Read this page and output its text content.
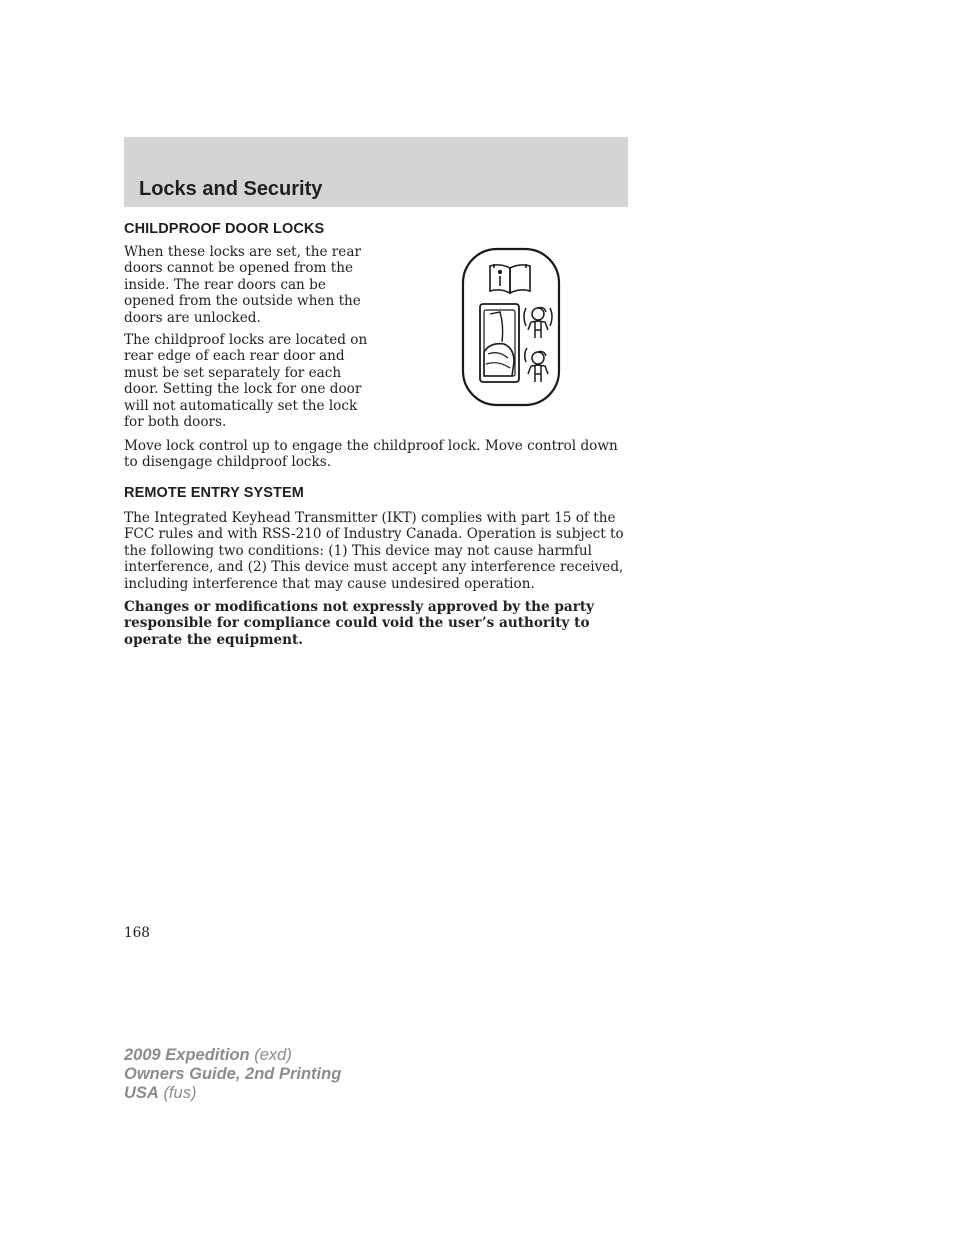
Locks and Security
CHILDPROOF DOOR LOCKS

When these locks are set, the rear doors cannot be opened from the inside. The rear doors can be opened from the outside when the doors are unlocked.

The childproof locks are located on rear edge of each rear door and must be set separately for each door. Setting the lock for one door will not automatically set the lock for both doors.

Move lock control up to engage the childproof lock. Move control down to disengage childproof locks.

REMOTE ENTRY SYSTEM

The Integrated Keyhead Transmitter (IKT) complies with part 15 of the FCC rules and with RSS-210 of Industry Canada. Operation is subject to the following two conditions: (1) This device may not cause harmful interference, and (2) This device must accept any interference received, including interference that may cause undesired operation.

Changes or modifications not expressly approved by the party responsible for compliance could void the user’s authority to operate the equipment.

168
2009 Expedition (exd)
Owners Guide, 2nd Printing
USA (fus)
